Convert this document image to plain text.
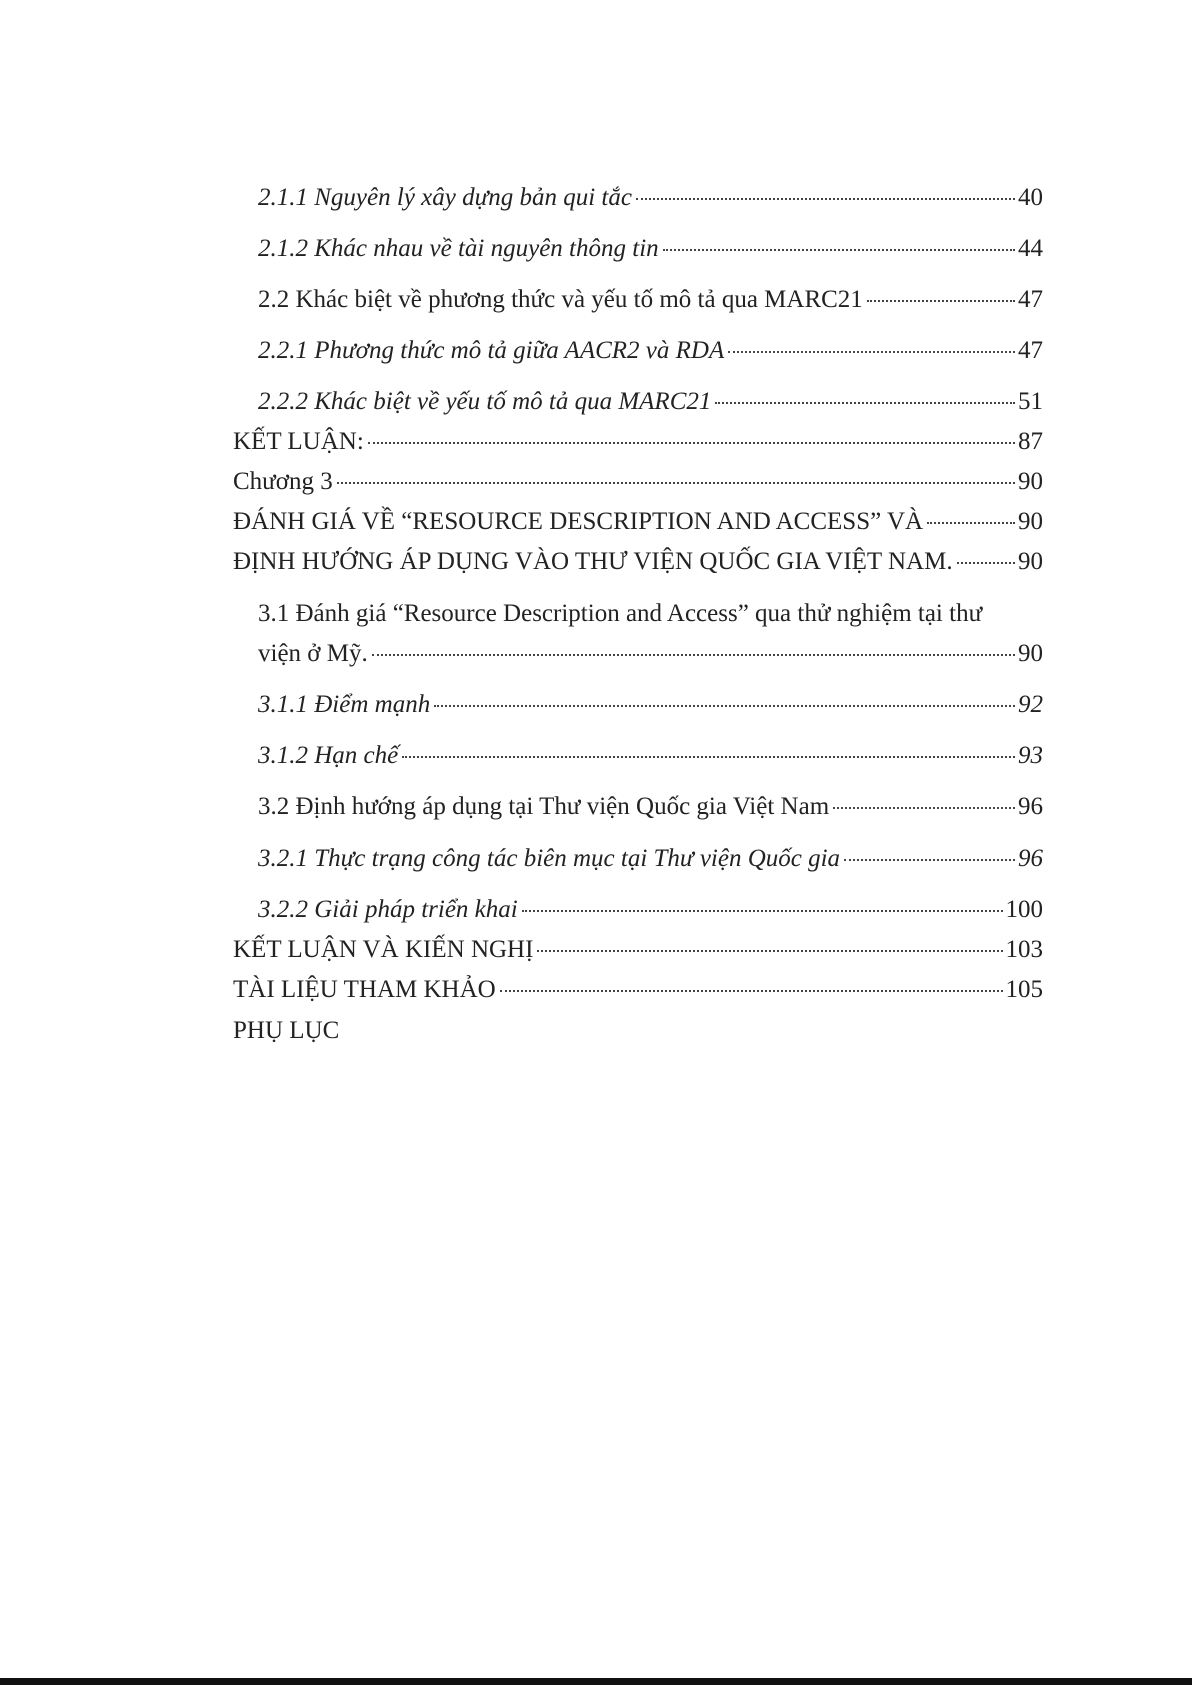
2.1.1 Nguyên lý xây dựng bản qui tắc	40
2.1.2 Khác nhau về tài nguyên thông tin	44
2.2 Khác biệt về phương thức và yếu tố mô tả qua MARC21	47
2.2.1 Phương thức mô tả giữa AACR2 và RDA	47
2.2.2 Khác biệt về yếu tố mô tả qua MARC21	51
KẾT LUẬN:	87
Chương 3	90
ĐÁNH GIÁ VỀ “RESOURCE DESCRIPTION AND ACCESS” VÀ	90
ĐỊNH HƯỚNG ÁP DỤNG VÀO THƯ VIỆN QUỐC GIA VIỆT NAM.	90
3.1 Đánh giá “Resource Description and Access” qua thử nghiệm tại thư
viện ở Mỹ.	90
3.1.1 Điểm mạnh	92
3.1.2 Hạn chế	93
3.2 Định hướng áp dụng tại Thư viện Quốc gia Việt Nam	96
3.2.1 Thực trạng công tác biên mục tại Thư viện Quốc gia	96
3.2.2 Giải pháp triển khai	100
KẾT LUẬN VÀ KIẾN NGHỊ	103
TÀI LIỆU THAM KHẢO	105
PHỤ LỤC
